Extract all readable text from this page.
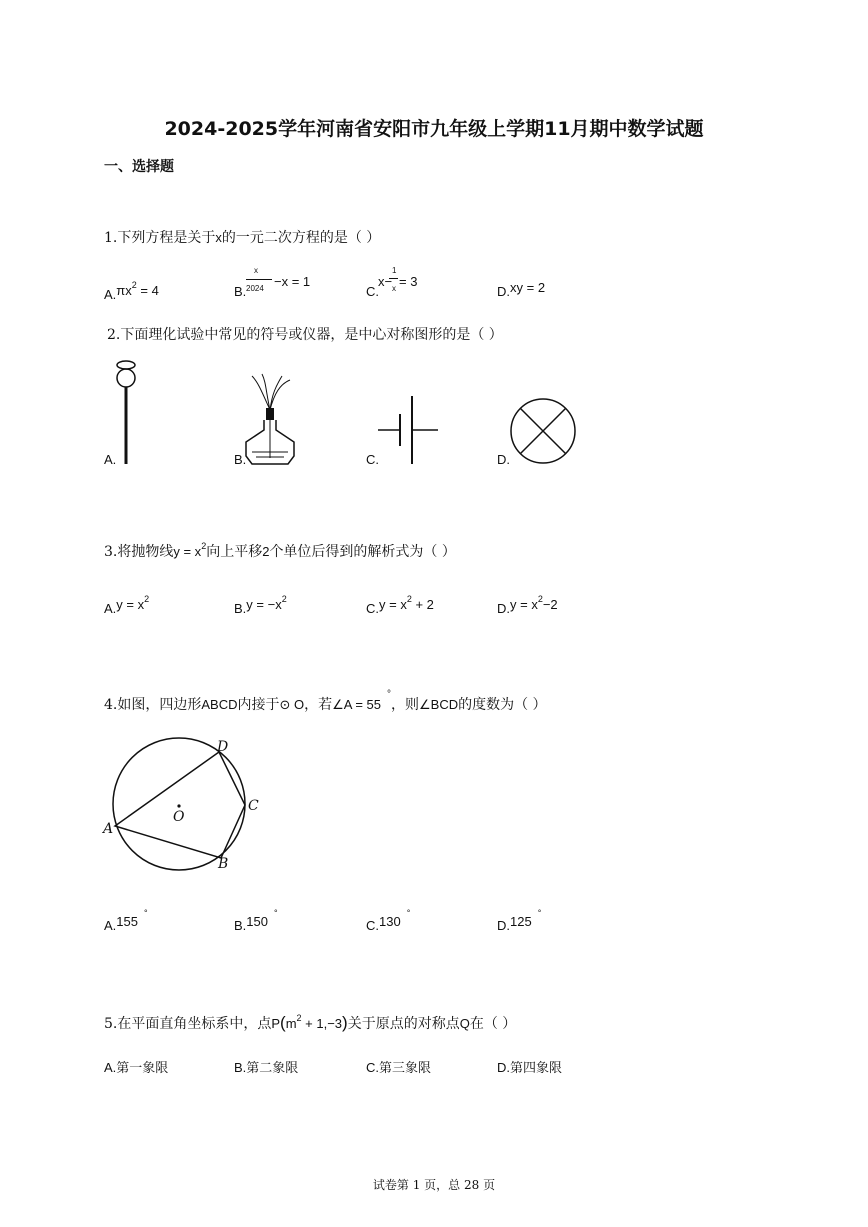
2024-2025学年河南省安阳市九年级上学期11月期中数学试题
一、选择题
1.下列方程是关于x的一元二次方程的是（ ）
$A.\pi x^2 = 4$	B.
x
2024 −x = 1
C.
x−
1
x = 3
D.xy = 2
2.下面理化试验中常见的符号或仪器，是中心对称图形的是（ ）
A.	B.	C.	D.
3.将抛物线$y = x^2$向上平移2个单位后得到的解析式为（ ）
$A.y = x^2$
$B.y = -x^2$
$C.y = x^2 + 2$	$D.y = x^2-2$
4.如图，四边形ABCD内接于⊙ O，若∠A = 55°，则∠BCD的度数为（ ）
D
C
O
A
B
A.155°
B.150°
C.130°
D.125°
5.在平面直角坐标系中，点$P(m^2 + 1,-3)$关于原点的对称点Q在（ ）
A.第一象限	B.第二象限	C.第三象限	D.第四象限
试卷第 1 页，总 28 页
